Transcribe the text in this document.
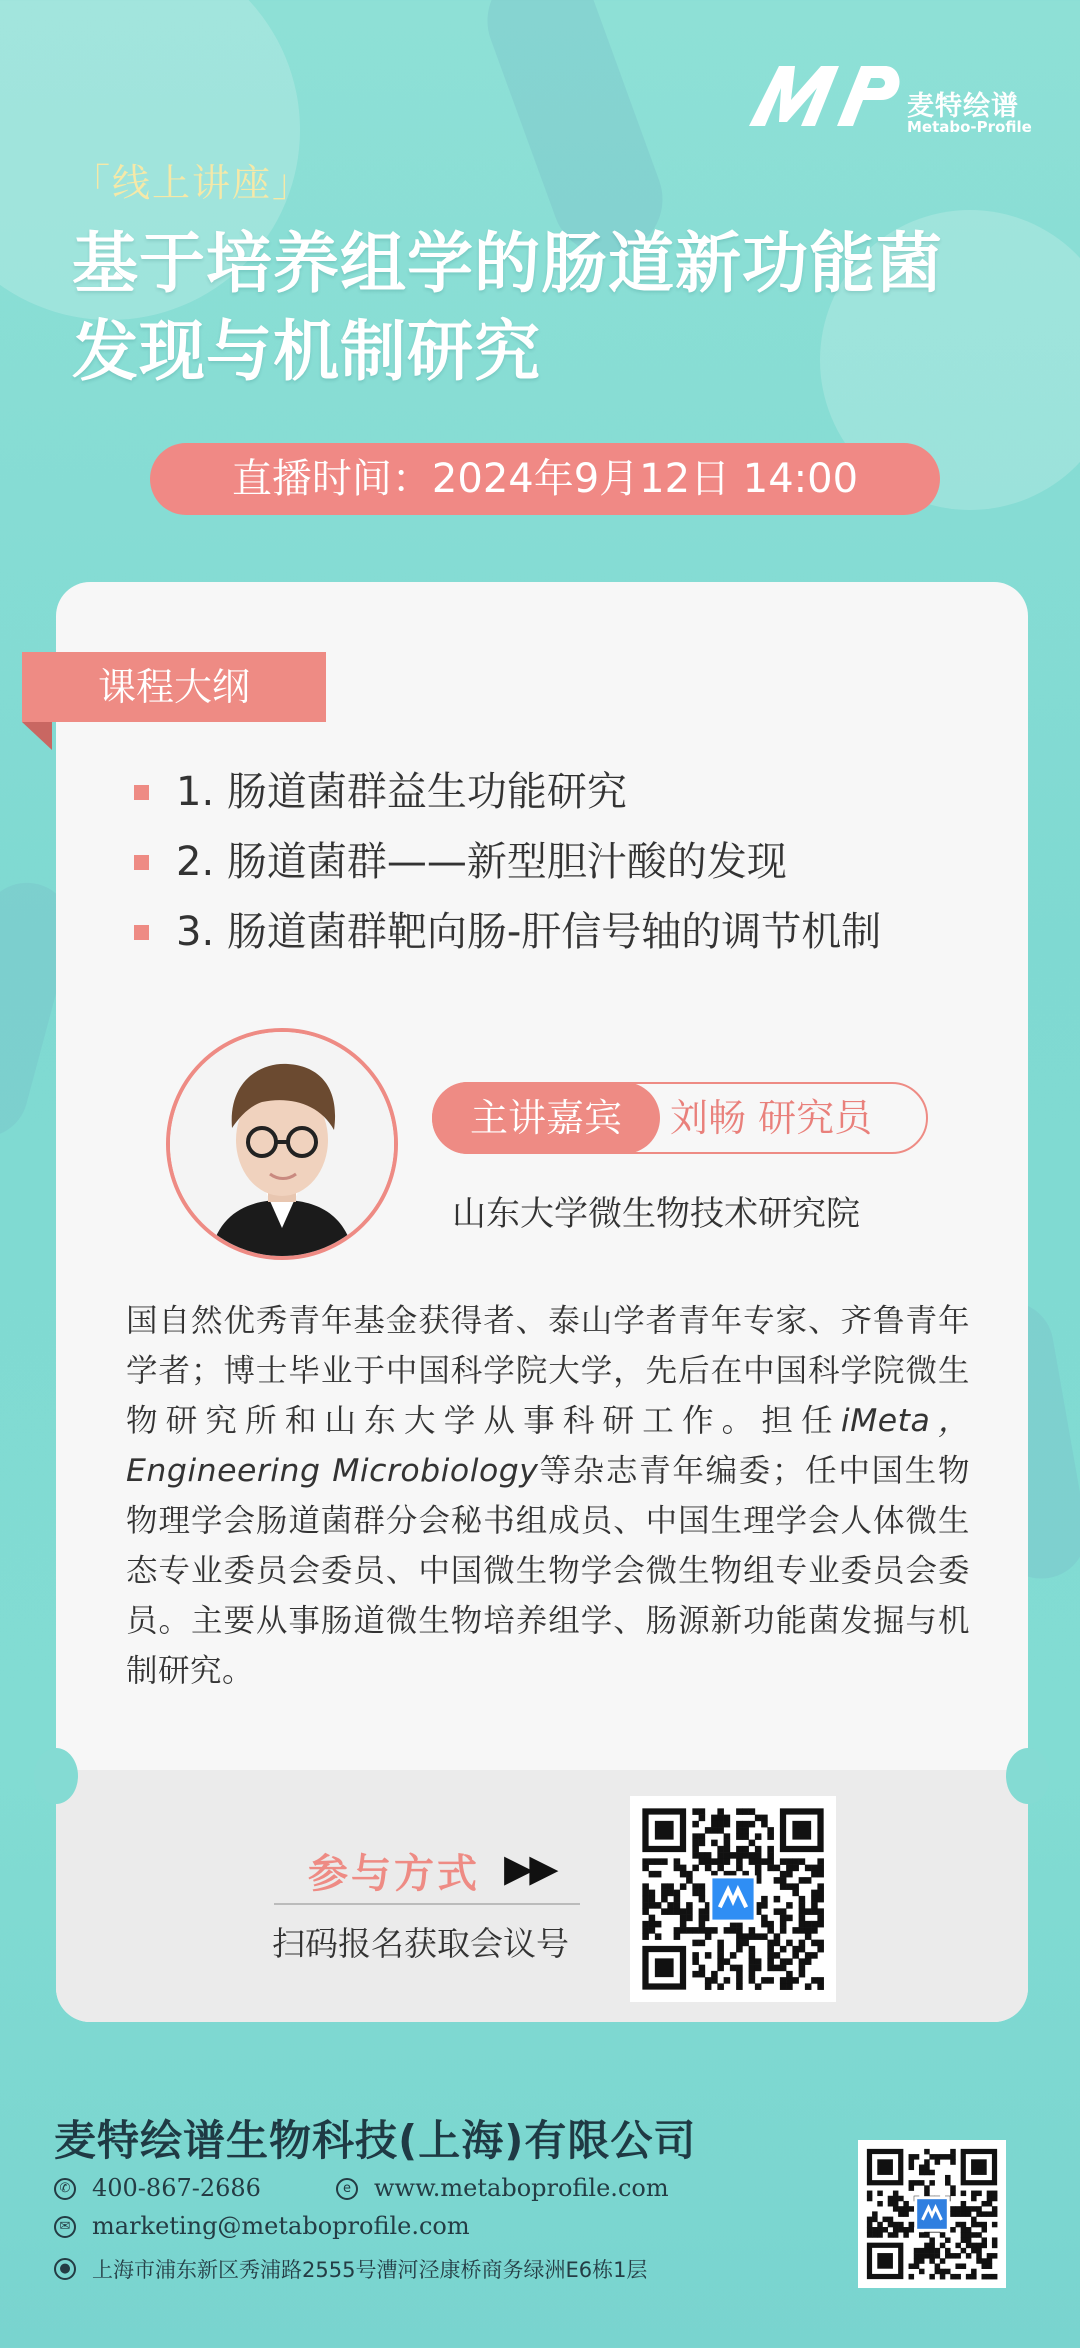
麦特绘谱
Metabo-Profile
「线上讲座」
基于培养组学的肠道新功能菌
发现与机制研究
直播时间：2024年9月12日 14:00
课程大纲
1. 肠道菌群益生功能研究
2. 肠道菌群——新型胆汁酸的发现
3. 肠道菌群靶向肠-肝信号轴的调节机制
主讲嘉宾	刘畅 研究员
山东大学微生物技术研究院
国自然优秀青年基金获得者、泰山学者青年专家、齐鲁青年学者；博士毕业于中国科学院大学，先后在中国科学院微生物研究所和山东大学从事科研工作。担任iMeta，Engineering Microbiology等杂志青年编委；任中国生物物理学会肠道菌群分会秘书组成员、中国生理学会人体微生态专业委员会委员、中国微生物学会微生物组专业委员会委员。主要从事肠道微生物培养组学、肠源新功能菌发掘与机制研究。
参与方式 ▶▶
扫码报名获取会议号
麦特绘谱生物科技(上海)有限公司
✆ 400-867-2686	e www.metaboprofile.com
✉ marketing@metaboprofile.com
● 上海市浦东新区秀浦路2555号漕河泾康桥商务绿洲E6栋1层
